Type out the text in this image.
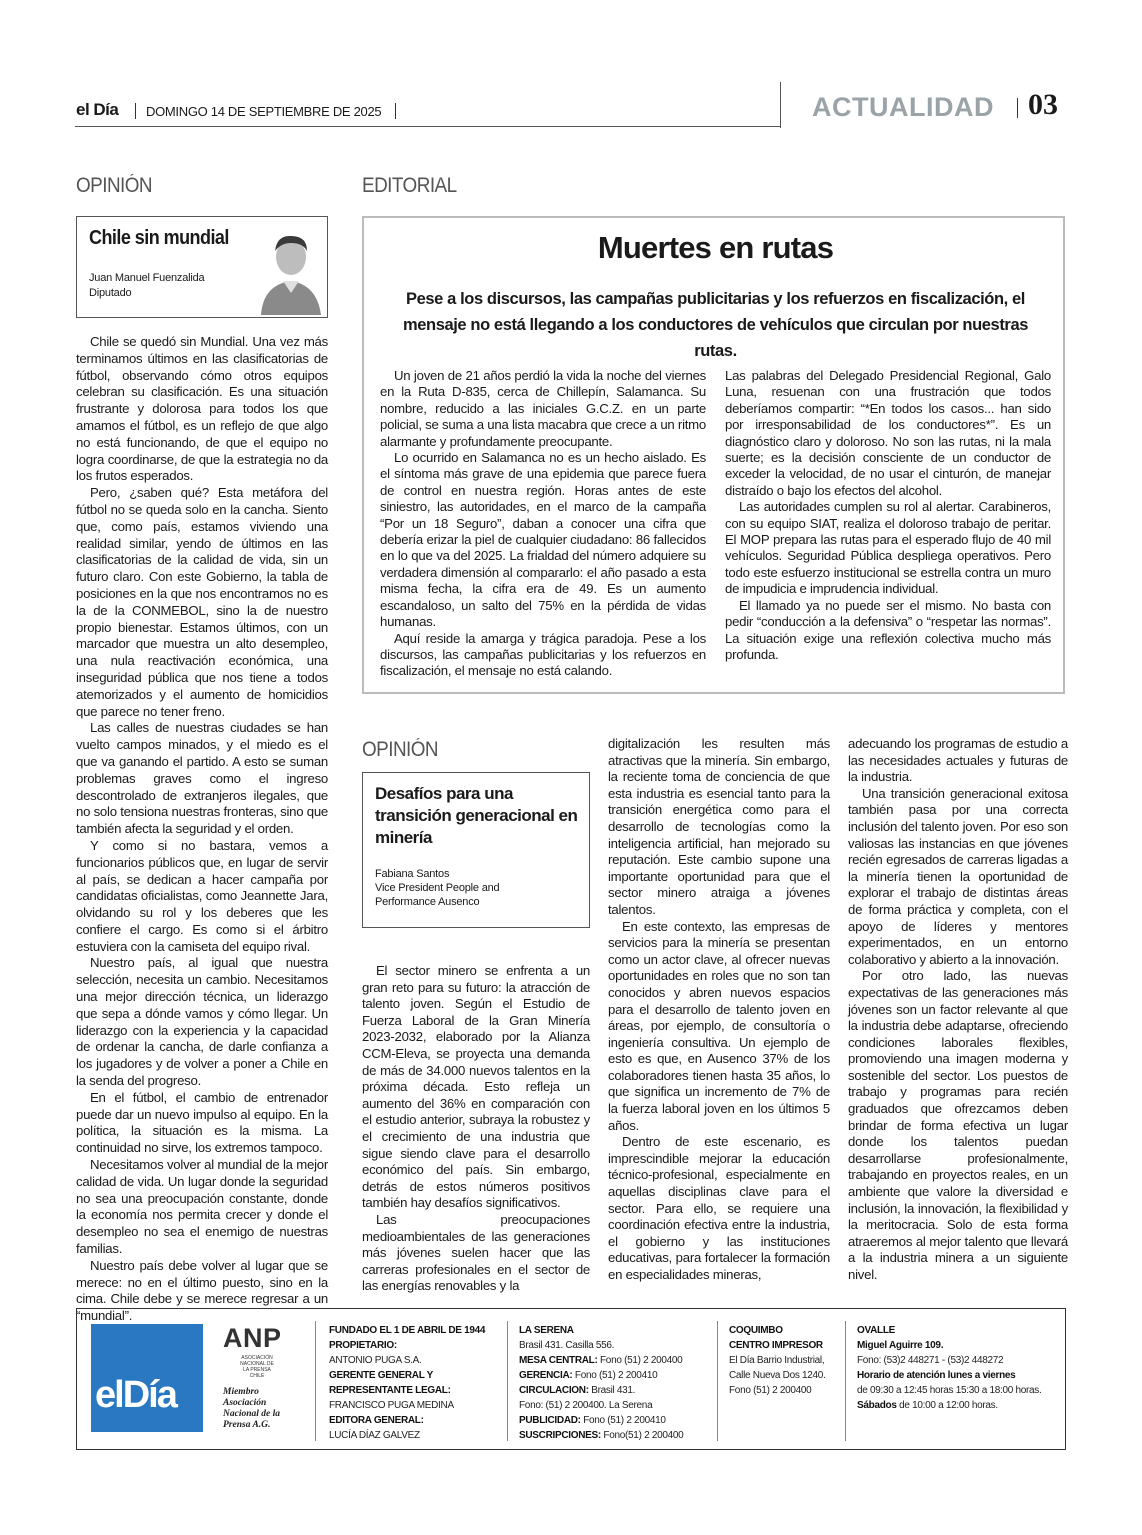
el Día DOMINGO 14 DE SEPTIEMBRE DE 2025	ACTUALIDAD 03
OPINIÓN
Chile sin mundial
Juan Manuel Fuenzalida
Diputado

Chile se quedó sin Mundial. Una vez más terminamos últimos en las clasificatorias de fútbol, observando cómo otros equipos celebran su clasificación. Es una situación frustrante y dolorosa para todos los que amamos el fútbol, es un reflejo de que algo no está funcionando, de que el equipo no logra coordinarse, de que la estrategia no da los frutos esperados.

Pero, ¿saben qué? Esta metáfora del fútbol no se queda solo en la cancha. Siento que, como país, estamos viviendo una realidad similar, yendo de últimos en las clasificatorias de la calidad de vida, sin un futuro claro. Con este Gobierno, la tabla de posiciones en la que nos encontramos no es la de la CONMEBOL, sino la de nuestro propio bienestar. Estamos últimos, con un marcador que muestra un alto desempleo, una nula reactivación económica, una inseguridad pública que nos tiene a todos atemorizados y el aumento de homicidios que parece no tener freno.

Las calles de nuestras ciudades se han vuelto campos minados, y el miedo es el que va ganando el partido. A esto se suman problemas graves como el ingreso descontrolado de extranjeros ilegales, que no solo tensiona nuestras fronteras, sino que también afecta la seguridad y el orden.

Y como si no bastara, vemos a funcionarios públicos que, en lugar de servir al país, se dedican a hacer campaña por candidatas oficialistas, como Jeannette Jara, olvidando su rol y los deberes que les confiere el cargo. Es como si el árbitro estuviera con la camiseta del equipo rival.

Nuestro país, al igual que nuestra selección, necesita un cambio. Necesitamos una mejor dirección técnica, un liderazgo que sepa a dónde vamos y cómo llegar. Un liderazgo con la experiencia y la capacidad de ordenar la cancha, de darle confianza a los jugadores y de volver a poner a Chile en la senda del progreso.

En el fútbol, el cambio de entrenador puede dar un nuevo impulso al equipo. En la política, la situación es la misma. La continuidad no sirve, los extremos tampoco.

Necesitamos volver al mundial de la mejor calidad de vida. Un lugar donde la seguridad no sea una preocupación constante, donde la economía nos permita crecer y donde el desempleo no sea el enemigo de nuestras familias.

Nuestro país debe volver al lugar que se merece: no en el último puesto, sino en la cima. Chile debe y se merece regresar a un “mundial”.

EDITORIAL
Muertes en rutas
Pese a los discursos, las campañas publicitarias y los refuerzos en fiscalización, el mensaje no está llegando a los conductores de vehículos que circulan por nuestras rutas.

Un joven de 21 años perdió la vida la noche del viernes en la Ruta D-835, cerca de Chillepín, Salamanca. Su nombre, reducido a las iniciales G.C.Z. en un parte policial, se suma a una lista macabra que crece a un ritmo alarmante y profundamente preocupante.

Lo ocurrido en Salamanca no es un hecho aislado. Es el síntoma más grave de una epidemia que parece fuera de control en nuestra región. Horas antes de este siniestro, las autoridades, en el marco de la campaña “Por un 18 Seguro”, daban a conocer una cifra que debería erizar la piel de cualquier ciudadano: 86 fallecidos en lo que va del 2025. La frialdad del número adquiere su verdadera dimensión al compararlo: el año pasado a esta misma fecha, la cifra era de 49. Es un aumento escandaloso, un salto del 75% en la pérdida de vidas humanas.

Aquí reside la amarga y trágica paradoja. Pese a los discursos, las campañas publicitarias y los refuerzos en fiscalización, el mensaje no está calando.

Las palabras del Delegado Presidencial Regional, Galo Luna, resuenan con una frustración que todos deberíamos compartir: “*En todos los casos... han sido por irresponsabilidad de los conductores*”. Es un diagnóstico claro y doloroso. No son las rutas, ni la mala suerte; es la decisión consciente de un conductor de exceder la velocidad, de no usar el cinturón, de manejar distraído o bajo los efectos del alcohol.

Las autoridades cumplen su rol al alertar. Carabineros, con su equipo SIAT, realiza el doloroso trabajo de peritar. El MOP prepara las rutas para el esperado flujo de 40 mil vehículos. Seguridad Pública despliega operativos. Pero todo este esfuerzo institucional se estrella contra un muro de impudicia e imprudencia individual.

El llamado ya no puede ser el mismo. No basta con pedir “conducción a la defensiva” o “respetar las normas”. La situación exige una reflexión colectiva mucho más profunda.

OPINIÓN
Desafíos para una transición generacional en minería
Fabiana Santos
Vice President People and Performance Ausenco

El sector minero se enfrenta a un gran reto para su futuro: la atracción de talento joven. Según el Estudio de Fuerza Laboral de la Gran Minería 2023-2032, elaborado por la Alianza CCM-Eleva, se proyecta una demanda de más de 34.000 nuevos talentos en la próxima década. Esto refleja un aumento del 36% en comparación con el estudio anterior, subraya la robustez y el crecimiento de una industria que sigue siendo clave para el desarrollo económico del país. Sin embargo, detrás de estos números positivos también hay desafíos significativos.

Las preocupaciones medioambientales de las generaciones más jóvenes suelen hacer que las carreras profesionales en el sector de las energías renovables y la

digitalización les resulten más atractivas que la minería. Sin embargo, la reciente toma de conciencia de que esta industria es esencial tanto para la transición energética como para el desarrollo de tecnologías como la inteligencia artificial, han mejorado su reputación. Este cambio supone una importante oportunidad para que el sector minero atraiga a jóvenes talentos.

En este contexto, las empresas de servicios para la minería se presentan como un actor clave, al ofrecer nuevas oportunidades en roles que no son tan conocidos y abren nuevos espacios para el desarrollo de talento joven en áreas, por ejemplo, de consultoría o ingeniería consultiva. Un ejemplo de esto es que, en Ausenco 37% de los colaboradores tienen hasta 35 años, lo que significa un incremento de 7% de la fuerza laboral joven en los últimos 5 años.

Dentro de este escenario, es imprescindible mejorar la educación técnico-profesional, especialmente en aquellas disciplinas clave para el sector. Para ello, se requiere una coordinación efectiva entre la industria, el gobierno y las instituciones educativas, para fortalecer la formación en especialidades mineras,

adecuando los programas de estudio a las necesidades actuales y futuras de la industria.

Una transición generacional exitosa también pasa por una correcta inclusión del talento joven. Por eso son valiosas las instancias en que jóvenes recién egresados de carreras ligadas a la minería tienen la oportunidad de explorar el trabajo de distintas áreas de forma práctica y completa, con el apoyo de líderes y mentores experimentados, en un entorno colaborativo y abierto a la innovación.

Por otro lado, las nuevas expectativas de las generaciones más jóvenes son un factor relevante al que la industria debe adaptarse, ofreciendo condiciones laborales flexibles, promoviendo una imagen moderna y sostenible del sector. Los puestos de trabajo y programas para recién graduados que ofrezcamos deben brindar de forma efectiva un lugar donde los talentos puedan desarrollarse profesionalmente, trabajando en proyectos reales, en un ambiente que valore la diversidad e inclusión, la innovación, la flexibilidad y la meritocracia. Solo de esta forma atraeremos al mejor talento que llevará a la industria minera a un siguiente nivel.

elDía
ANP
ASOCIACIÓN NACIONAL DE LA PRENSA CHILE
Miembro Asociación Nacional de la Prensa A.G.
FUNDADO EL 1 DE ABRIL DE 1944
PROPIETARIO:
ANTONIO PUGA S.A.
GERENTE GENERAL Y REPRESENTANTE LEGAL:
FRANCISCO PUGA MEDINA
EDITORA GENERAL:
LUCÍA DÍAZ GALVEZ
LA SERENA
Brasil 431. Casilla 556.
MESA CENTRAL: Fono (51) 2 200400
GERENCIA: Fono (51) 2 200410
CIRCULACION: Brasil 431.
Fono: (51) 2 200400. La Serena
PUBLICIDAD: Fono (51) 2 200410
SUSCRIPCIONES: Fono(51) 2 200400
COQUIMBO
CENTRO IMPRESOR
El Día Barrio Industrial,
Calle Nueva Dos 1240.
Fono (51) 2 200400
OVALLE
Miguel Aguirre 109.
Fono: (53)2 448271 - (53)2 448272
Horario de atención lunes a viernes
de 09:30 a 12:45 horas 15:30 a 18:00 horas.
Sábados de 10:00 a 12:00 horas.
